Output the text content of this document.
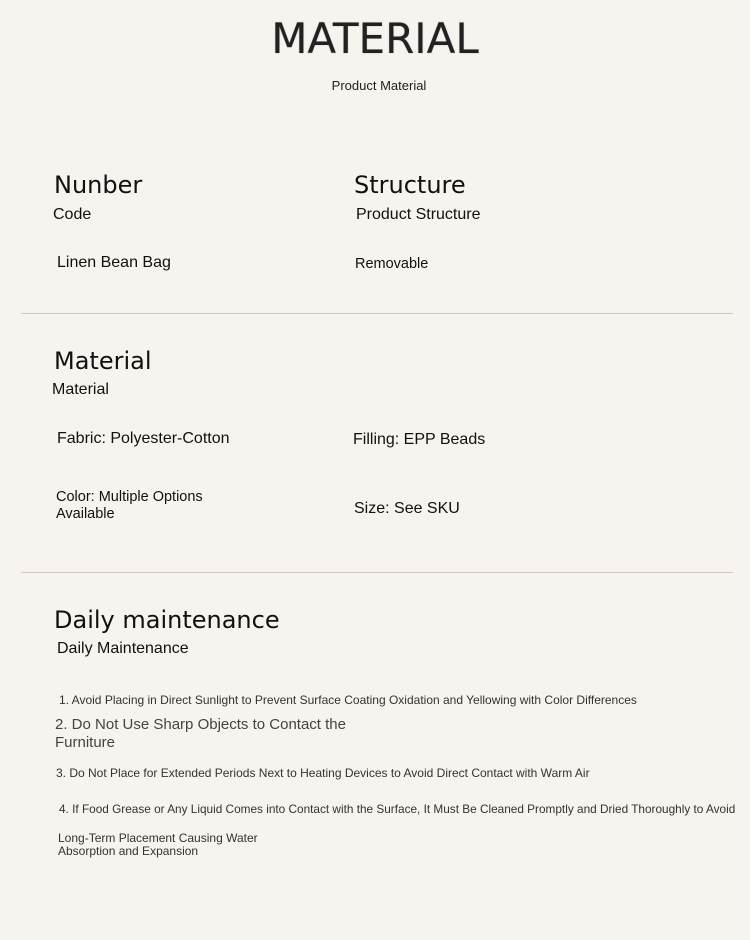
MATERIAL
Product Material
Nunber
Code
Linen Bean Bag
Structure
Product Structure
Removable
Material
Material
Fabric: Polyester-Cotton	Filling: EPP Beads
Color: Multiple Options
Available	Size: See SKU
Daily maintenance
Daily Maintenance
1. Avoid Placing in Direct Sunlight to Prevent Surface Coating Oxidation and Yellowing with Color Differences
2. Do Not Use Sharp Objects to Contact the
Furniture
3. Do Not Place for Extended Periods Next to Heating Devices to Avoid Direct Contact with Warm Air
4. If Food Grease or Any Liquid Comes into Contact with the Surface, It Must Be Cleaned Promptly and Dried Thoroughly to Avoid
Long-Term Placement Causing Water
Absorption and Expansion
